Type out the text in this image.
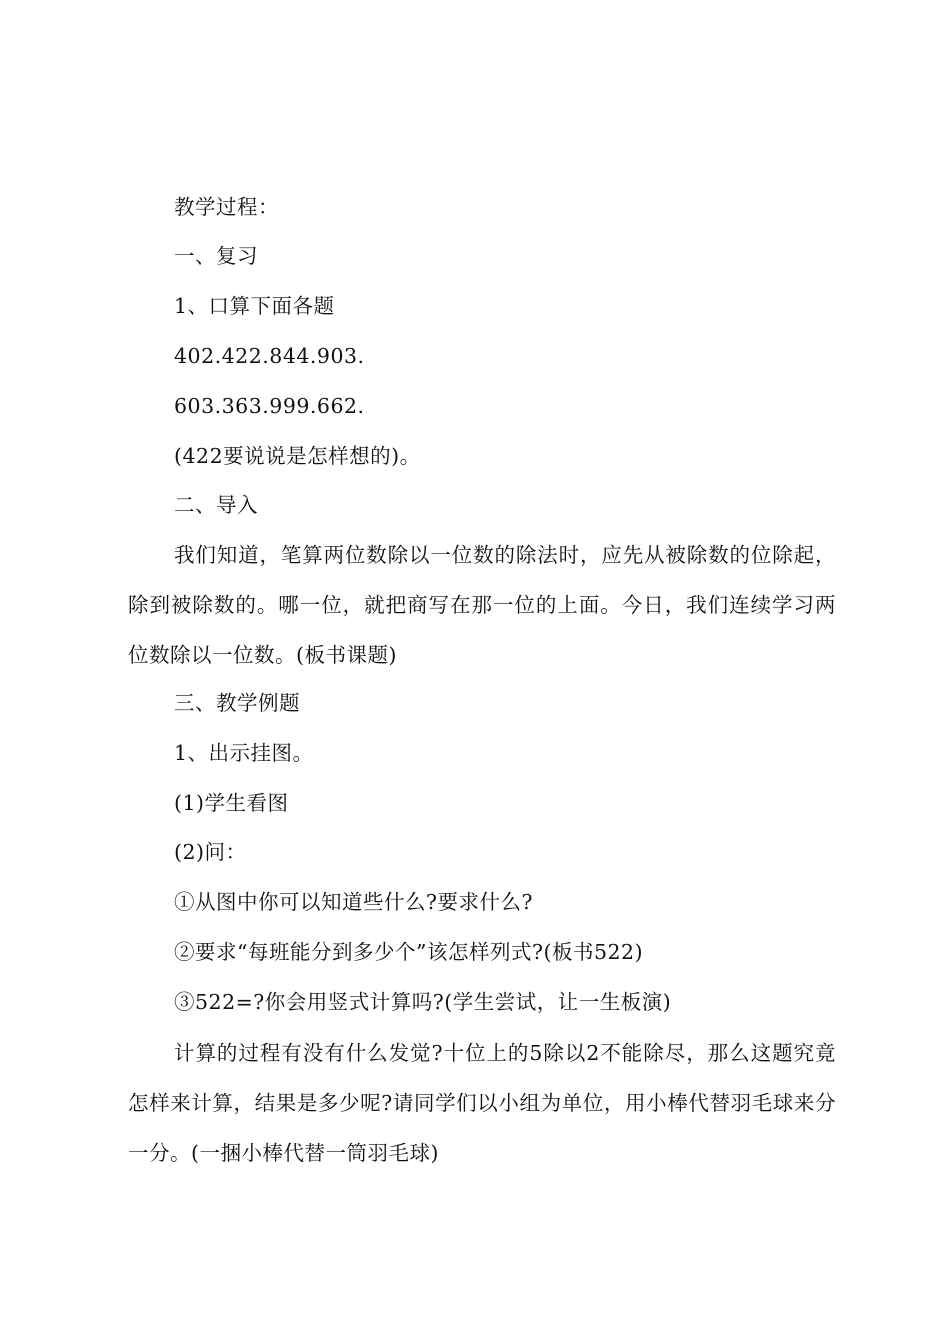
教学过程：
一、复习
1、口算下面各题
402.422.844.903.
603.363.999.662.
(422要说说是怎样想的)。
二、导入

我们知道，笔算两位数除以一位数的除法时，应先从被除数的位除起，除到被除数的。哪一位，就把商写在那一位的上面。今日，我们连续学习两位数除以一位数。(板书课题)

三、教学例题
1、出示挂图。
(1)学生看图
(2)问：
①从图中你可以知道些什么?要求什么?
②要求“每班能分到多少个”该怎样列式?(板书522)
③522=?你会用竖式计算吗?(学生尝试，让一生板演)

计算的过程有没有什么发觉?十位上的5除以2不能除尽，那么这题究竟怎样来计算，结果是多少呢?请同学们以小组为单位，用小棒代替羽毛球来分一分。(一捆小棒代替一筒羽毛球)
